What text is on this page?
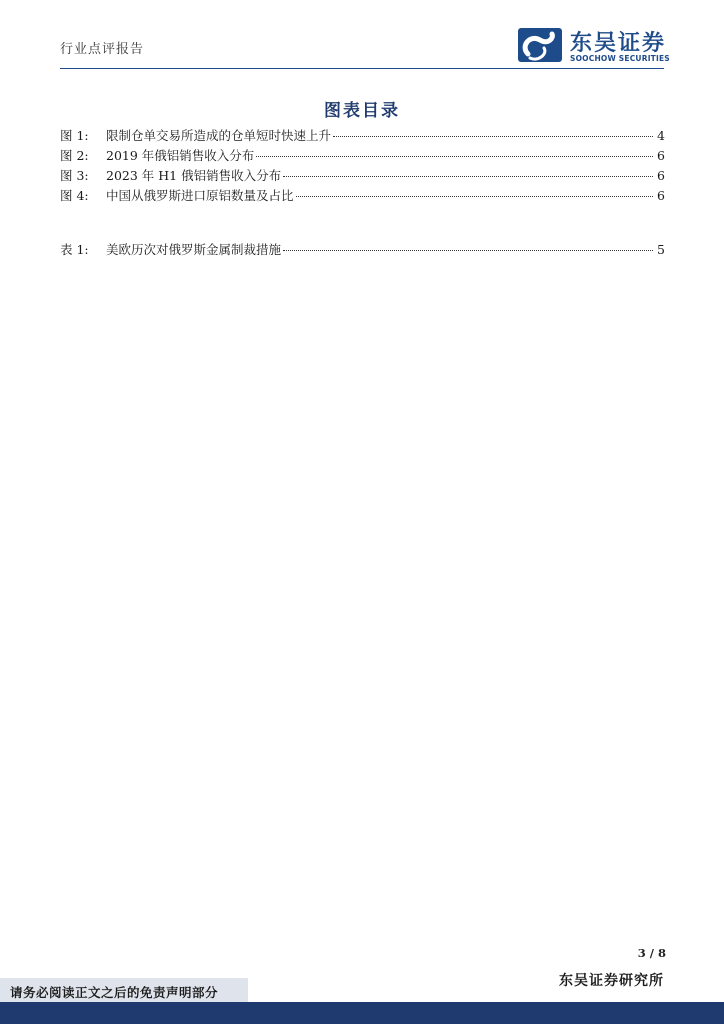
行业点评报告	东吴证券
SOOCHOW SECURITIES
图表目录
图 1:	限制仓单交易所造成的仓单短时快速上升	4
图 2:	2019 年俄铝销售收入分布	6
图 3:	2023 年 H1 俄铝销售收入分布	6
图 4:	中国从俄罗斯进口原铝数量及占比	6
表 1:	美欧历次对俄罗斯金属制裁措施	5
3 / 8
东吴证券研究所
请务必阅读正文之后的免责声明部分
